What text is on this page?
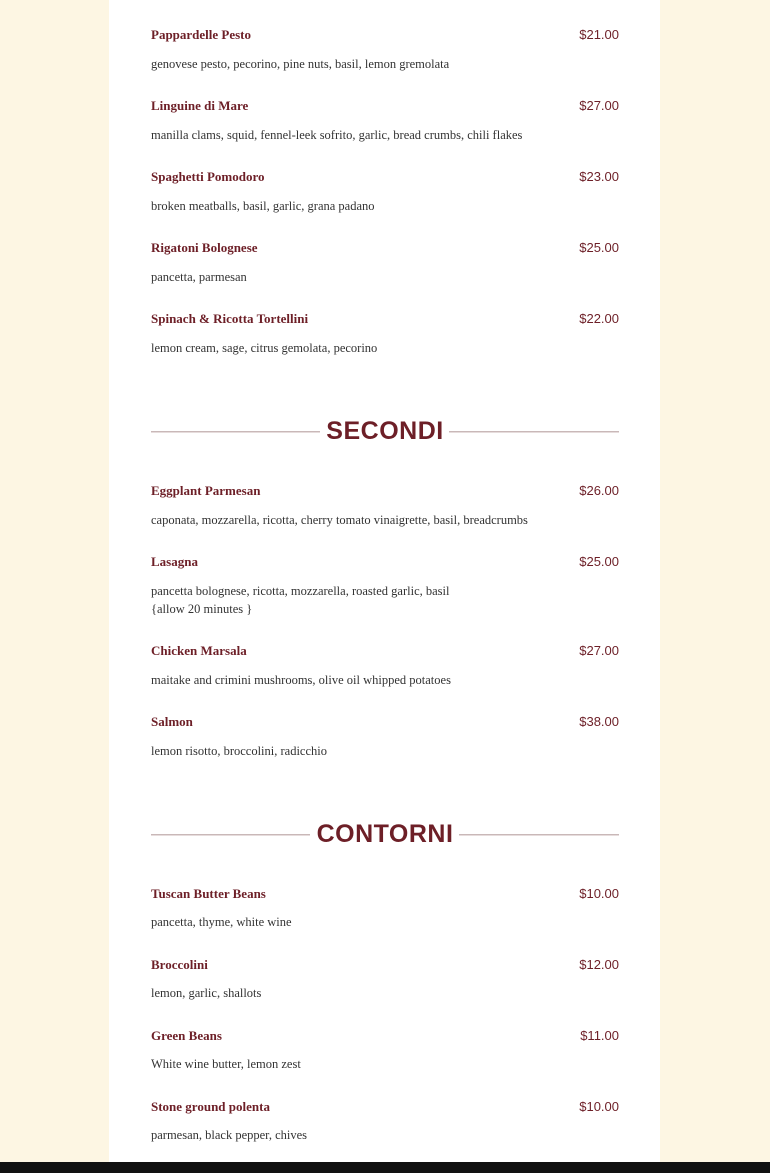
Pappardelle Pesto	$21.00
genovese pesto, pecorino, pine nuts, basil, lemon gremolata
Linguine di Mare	$27.00
manilla clams, squid, fennel-leek sofrito, garlic, bread crumbs, chili flakes
Spaghetti Pomodoro	$23.00
broken meatballs, basil, garlic, grana padano
Rigatoni Bolognese	$25.00
pancetta, parmesan
Spinach & Ricotta Tortellini	$22.00
lemon cream, sage, citrus gemolata, pecorino
SECONDI
Eggplant Parmesan	$26.00
caponata, mozzarella, ricotta, cherry tomato vinaigrette, basil, breadcrumbs
Lasagna	$25.00
pancetta bolognese, ricotta, mozzarella, roasted garlic, basil
{allow 20 minutes }
Chicken Marsala	$27.00
maitake and crimini mushrooms, olive oil whipped potatoes
Salmon	$38.00
lemon risotto, broccolini, radicchio
CONTORNI
Tuscan Butter Beans	$10.00
pancetta, thyme, white wine
Broccolini	$12.00
lemon, garlic, shallots
Green Beans	$11.00
White wine butter, lemon zest
Stone ground polenta	$10.00
parmesan, black pepper, chives
